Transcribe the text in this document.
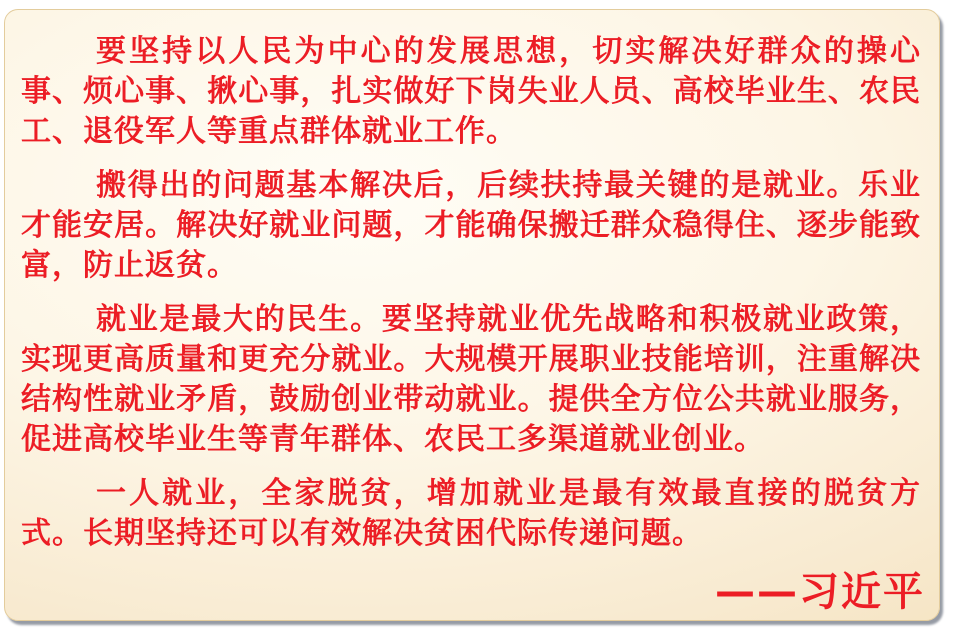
要坚持以人民为中心的发展思想，切实解决好群众的操心事、烦心事、揪心事，扎实做好下岗失业人员、高校毕业生、农民工、退役军人等重点群体就业工作。

搬得出的问题基本解决后，后续扶持最关键的是就业。乐业才能安居。解决好就业问题，才能确保搬迁群众稳得住、逐步能致富，防止返贫。

就业是最大的民生。要坚持就业优先战略和积极就业政策，实现更高质量和更充分就业。大规模开展职业技能培训，注重解决结构性就业矛盾，鼓励创业带动就业。提供全方位公共就业服务，促进高校毕业生等青年群体、农民工多渠道就业创业。

一人就业，全家脱贫，增加就业是最有效最直接的脱贫方式。长期坚持还可以有效解决贫困代际传递问题。

——习近平
